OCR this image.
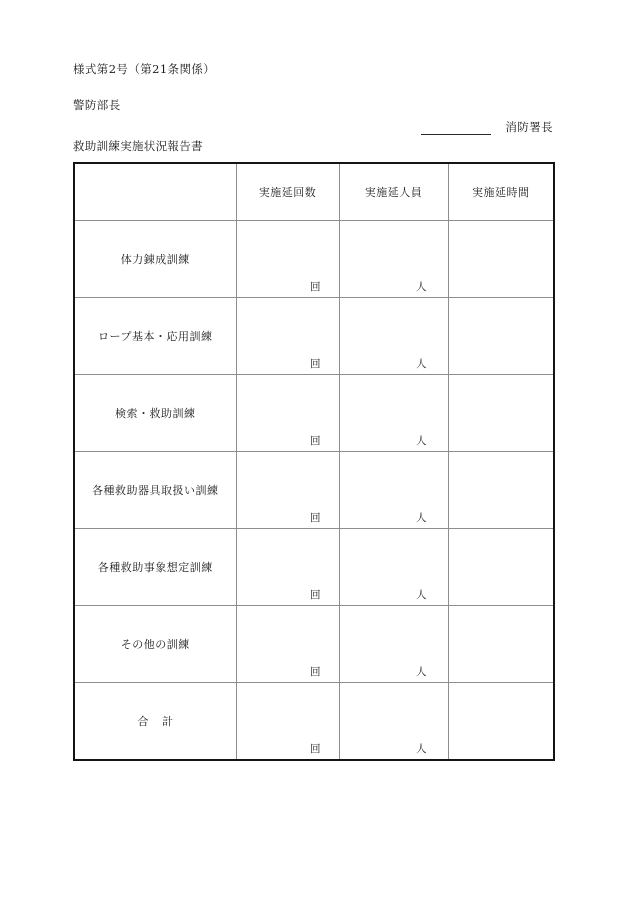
様式第2号（第21条関係）
警防部長
消防署長
救助訓練実施状況報告書
	実施延回数	実施延人員	実施延時間
体力錬成訓練	回	人	

ロープ基本・応用訓練	回	人	

検索・救助訓練	回	人	

各種救助器具取扱い訓練	回	人	

各種救助事象想定訓練	回	人	

その他の訓練	回	人	

合 計	回	人	
